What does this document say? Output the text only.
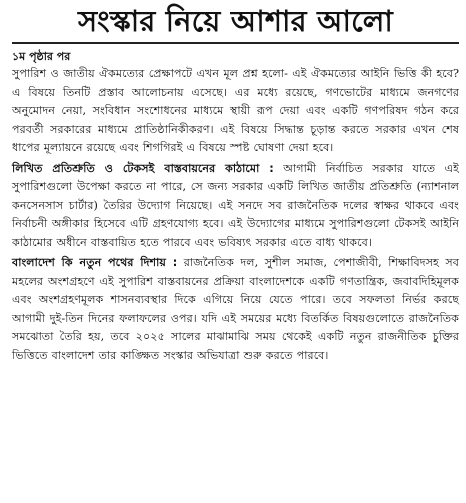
সংস্কার নিয়ে আশার আলো
১ম পৃষ্ঠার পর

সুপারিশ ও জাতীয় ঐকমত্যের প্রেক্ষাপটে এখন মূল প্রশ্ন হলো- এই ঐকমত্যের আইনি ভিত্তি কী হবে? এ বিষয়ে তিনটি প্রস্তাব আলোচনায় এসেছে। এর মধ্যে রয়েছে, গণভোটের মাধ্যমে জনগণের অনুমোদন নেয়া, সংবিধান সংশোধনের মাধ্যমে স্থায়ী রূপ দেয়া এবং একটি গণপরিষদ গঠন করে পরবর্তী সরকারের মাধ্যমে প্রাতিষ্ঠানিকীকরণ। এই বিষয়ে সিদ্ধান্ত চূড়ান্ত করতে সরকার এখন শেষ ধাপের মূল্যায়নে রয়েছে এবং শিগগিরই এ বিষয়ে স্পষ্ট ঘোষণা দেয়া হবে।

লিখিত প্রতিশ্রুতি ও টেকসই বাস্তবায়নের কাঠামো : আগামী নির্বাচিত সরকার যাতে এই সুপারিশগুলো উপেক্ষা করতে না পারে, সে জন্য সরকার একটি লিখিত জাতীয় প্রতিশ্রুতি (ন্যাশনাল কনসেনসাস চার্টার) তৈরির উদ্যোগ নিয়েছে। এই সনদে সব রাজনৈতিক দলের স্বাক্ষর থাকবে এবং নির্বাচনী অঙ্গীকার হিসেবে এটি গ্রহণযোগ্য হবে। এই উদ্যোগের মাধ্যমে সুপারিশগুলো টেকসই আইনি কাঠামোর অধীনে বাস্তবায়িত হতে পারবে এবং ভবিষ্যৎ সরকার এতে বাধ্য থাকবে।

বাংলাদেশ কি নতুন পথের দিশায় : রাজনৈতিক দল, সুশীল সমাজ, পেশাজীবী, শিক্ষাবিদসহ সব মহলের অংশগ্রহণে এই সুপারিশ বাস্তবায়নের প্রক্রিয়া বাংলাদেশকে একটি গণতান্ত্রিক, জবাবদিহিমূলক এবং অংশগ্রহণমূলক শাসনব্যবস্থার দিকে এগিয়ে নিয়ে যেতে পারে। তবে সফলতা নির্ভর করছে আগামী দুই-তিন দিনের ফলাফলের ওপর। যদি এই সময়ের মধ্যে বিতর্কিত বিষয়গুলোতে রাজনৈতিক সমঝোতা তৈরি হয়, তবে ২০২৫ সালের মাঝামাঝি সময় থেকেই একটি নতুন রাজনীতিক চুক্তির ভিত্তিতে বাংলাদেশ তার কাঙ্ক্ষিত সংস্কার অভিযাত্রা শুরু করতে পারবে।
